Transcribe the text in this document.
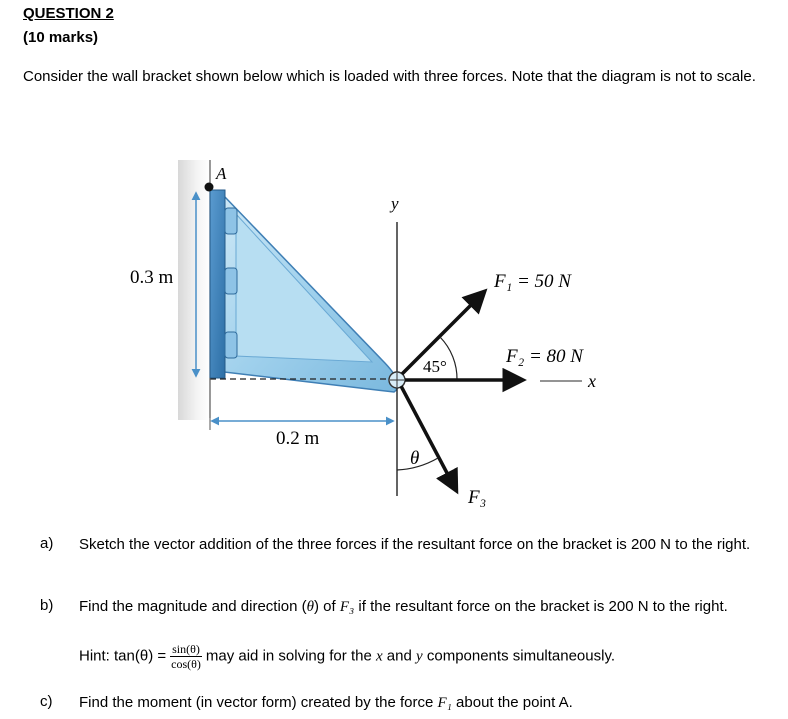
QUESTION 2
(10 marks)
Consider the wall bracket shown below which is loaded with three forces. Note that the diagram is not to scale.
A
0.3 m
0.2 m
y
F₁ = 50 N
45°
x
F₂ = 80 N
F₃
θ
a) Sketch the vector addition of the three forces if the resultant force on the bracket is 200 N to the right.
b) Find the magnitude and direction (θ) of F₃ if the resultant force on the bracket is 200 N to the right.
Hint: $\tan(\theta) = \frac{\sin(\theta)}{\cos(\theta)}$ may aid in solving for the x and y components simultaneously.
c) Find the moment (in vector form) created by the force F₁ about the point A.
